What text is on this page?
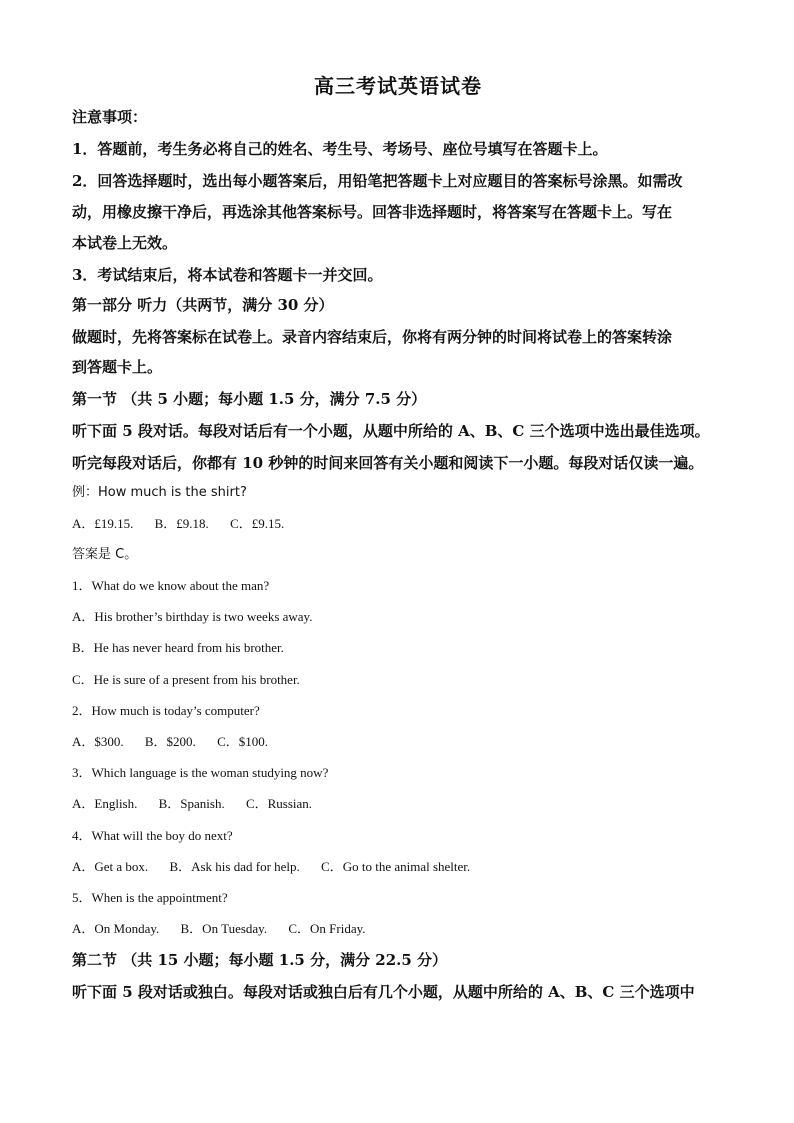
高三考试英语试卷
注意事项：
1．答题前，考生务必将自己的姓名、考生号、考场号、座位号填写在答题卡上。
2．回答选择题时，选出每小题答案后，用铅笔把答题卡上对应题目的答案标号涂黑。如需改
动，用橡皮擦干净后，再选涂其他答案标号。回答非选择题时，将答案写在答题卡上。写在
本试卷上无效。
3．考试结束后，将本试卷和答题卡一并交回。
第一部分 听力（共两节，满分 30 分）
做题时，先将答案标在试卷上。录音内容结束后，你将有两分钟的时间将试卷上的答案转涂
到答题卡上。
第一节 （共 5 小题；每小题 1.5 分，满分 7.5 分）
听下面 5 段对话。每段对话后有一个小题，从题中所给的 A、B、C 三个选项中选出最佳选项。
听完每段对话后，你都有 10 秒钟的时间来回答有关小题和阅读下一小题。每段对话仅读一遍。
例：How much is the shirt?
A．£19.15. B．£9.18. C．£9.15.
答案是 C。
1．What do we know about the man?
A．His brother’s birthday is two weeks away.
B．He has never heard from his brother.
C．He is sure of a present from his brother.
2．How much is today’s computer?
A．$300. B．$200. C．$100.
3．Which language is the woman studying now?
A．English. B．Spanish. C．Russian.
4．What will the boy do next?
A．Get a box. B．Ask his dad for help. C．Go to the animal shelter.
5．When is the appointment?
A．On Monday. B．On Tuesday. C．On Friday.
第二节 （共 15 小题；每小题 1.5 分，满分 22.5 分）
听下面 5 段对话或独白。每段对话或独白后有几个小题，从题中所给的 A、B、C 三个选项中
